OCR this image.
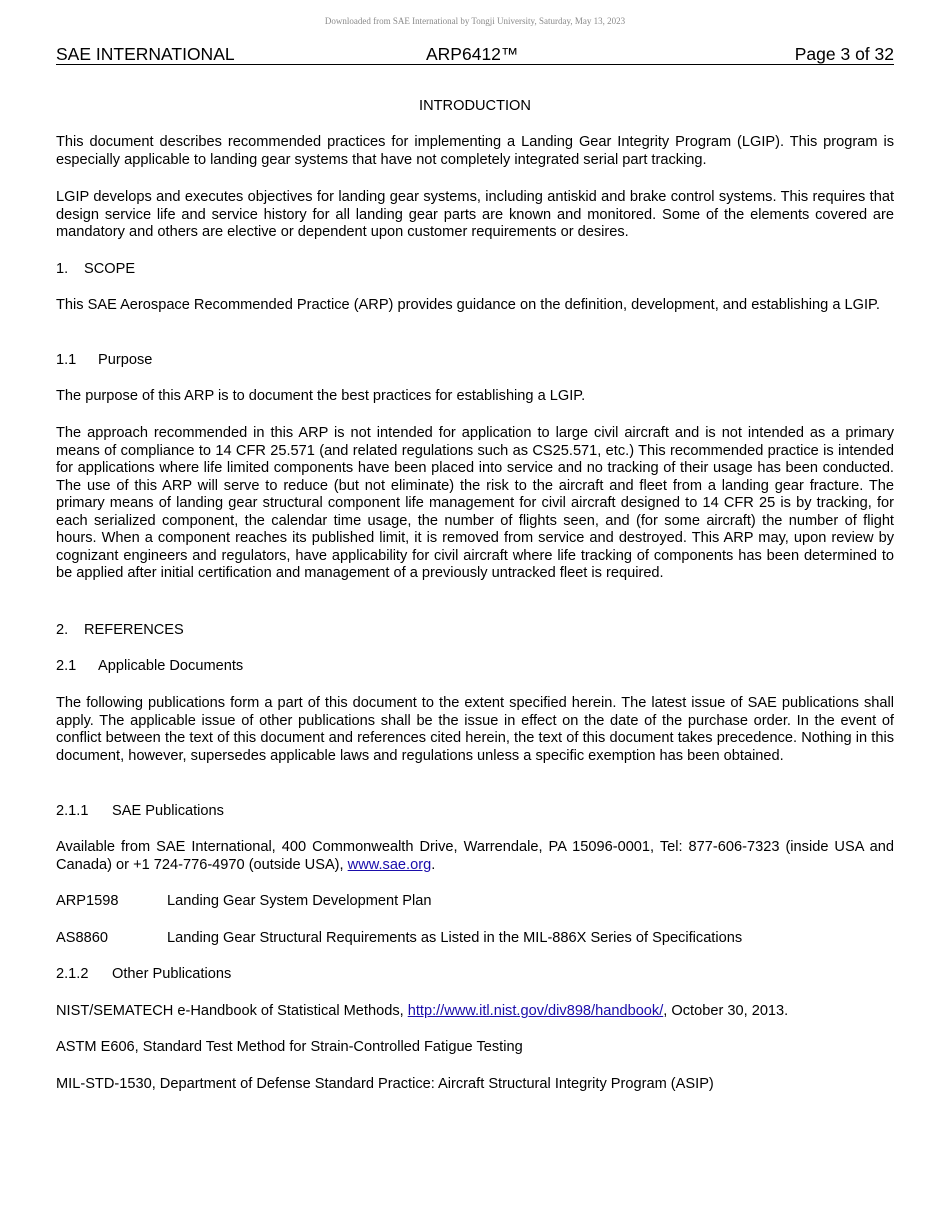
Downloaded from SAE International by Tongji University, Saturday, May 13, 2023
SAE INTERNATIONAL	ARP6412™	Page 3 of 32
INTRODUCTION

This document describes recommended practices for implementing a Landing Gear Integrity Program (LGIP). This program is especially applicable to landing gear systems that have not completely integrated serial part tracking.

LGIP develops and executes objectives for landing gear systems, including antiskid and brake control systems. This requires that design service life and service history for all landing gear parts are known and monitored. Some of the elements covered are mandatory and others are elective or dependent upon customer requirements or desires.

1. SCOPE

This SAE Aerospace Recommended Practice (ARP) provides guidance on the definition, development, and establishing a LGIP.

1.1 Purpose

The purpose of this ARP is to document the best practices for establishing a LGIP.

The approach recommended in this ARP is not intended for application to large civil aircraft and is not intended as a primary means of compliance to 14 CFR 25.571 (and related regulations such as CS25.571, etc.) This recommended practice is intended for applications where life limited components have been placed into service and no tracking of their usage has been conducted. The use of this ARP will serve to reduce (but not eliminate) the risk to the aircraft and fleet from a landing gear fracture. The primary means of landing gear structural component life management for civil aircraft designed to 14 CFR 25 is by tracking, for each serialized component, the calendar time usage, the number of flights seen, and (for some aircraft) the number of flight hours. When a component reaches its published limit, it is removed from service and destroyed. This ARP may, upon review by cognizant engineers and regulators, have applicability for civil aircraft where life tracking of components has been determined to be applied after initial certification and management of a previously untracked fleet is required.

2. REFERENCES
2.1 Applicable Documents

The following publications form a part of this document to the extent specified herein. The latest issue of SAE publications shall apply. The applicable issue of other publications shall be the issue in effect on the date of the purchase order. In the event of conflict between the text of this document and references cited herein, the text of this document takes precedence. Nothing in this document, however, supersedes applicable laws and regulations unless a specific exemption has been obtained.

2.1.1 SAE Publications

Available from SAE International, 400 Commonwealth Drive, Warrendale, PA 15096-0001, Tel: 877-606-7323 (inside USA and Canada) or +1 724-776-4970 (outside USA), www.sae.org.

ARP1598	Landing Gear System Development Plan
AS8860	Landing Gear Structural Requirements as Listed in the MIL-886X Series of Specifications
2.1.2 Other Publications

NIST/SEMATECH e-Handbook of Statistical Methods, http://www.itl.nist.gov/div898/handbook/, October 30, 2013.

ASTM E606, Standard Test Method for Strain-Controlled Fatigue Testing

MIL-STD-1530, Department of Defense Standard Practice: Aircraft Structural Integrity Program (ASIP)
